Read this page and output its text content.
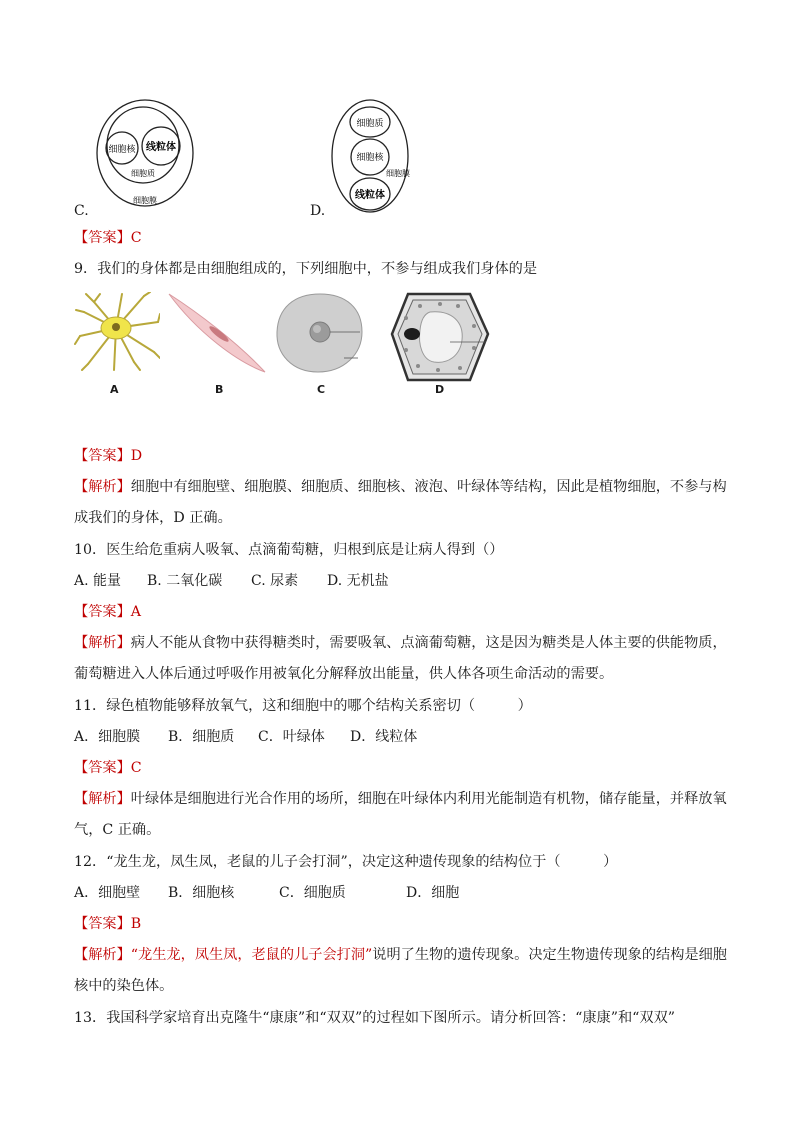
细胞核 线粒体
细胞质
细胞膜
C.
细胞质
细胞核
细胞膜
线粒体
D.
【答案】C
9．我们的身体都是由细胞组成的，下列细胞中，不参与组成我们身体的是
A	B	C	D
【答案】D
【解析】细胞中有细胞壁、细胞膜、细胞质、细胞核、液泡、叶绿体等结构，因此是植物细胞，不参与构
成我们的身体，D 正确。
10．医生给危重病人吸氧、点滴葡萄糖，归根到底是让病人得到（）
A. 能量 B. 二氧化碳 C. 尿素 D. 无机盐
【答案】A
【解析】病人不能从食物中获得糖类时，需要吸氧、点滴葡萄糖，这是因为糖类是人体主要的供能物质，
葡萄糖进入人体后通过呼吸作用被氧化分解释放出能量，供人体各项生命活动的需要。
11．绿色植物能够释放氧气，这和细胞中的哪个结构关系密切（　　　）
A．细胞膜 B．细胞质 C．叶绿体 D．线粒体
【答案】C
【解析】叶绿体是细胞进行光合作用的场所，细胞在叶绿体内利用光能制造有机物，储存能量，并释放氧
气，C 正确。
12．“龙生龙，凤生凤，老鼠的儿子会打洞”，决定这种遗传现象的结构位于（　　　）
A．细胞壁 B．细胞核	C．细胞质	D．细胞
【答案】B
【解析】“龙生龙，凤生凤，老鼠的儿子会打洞”说明了生物的遗传现象。决定生物遗传现象的结构是细胞
核中的染色体。
13．我国科学家培育出克隆牛“康康”和“双双”的过程如下图所示。请分析回答：“康康”和“双双”
